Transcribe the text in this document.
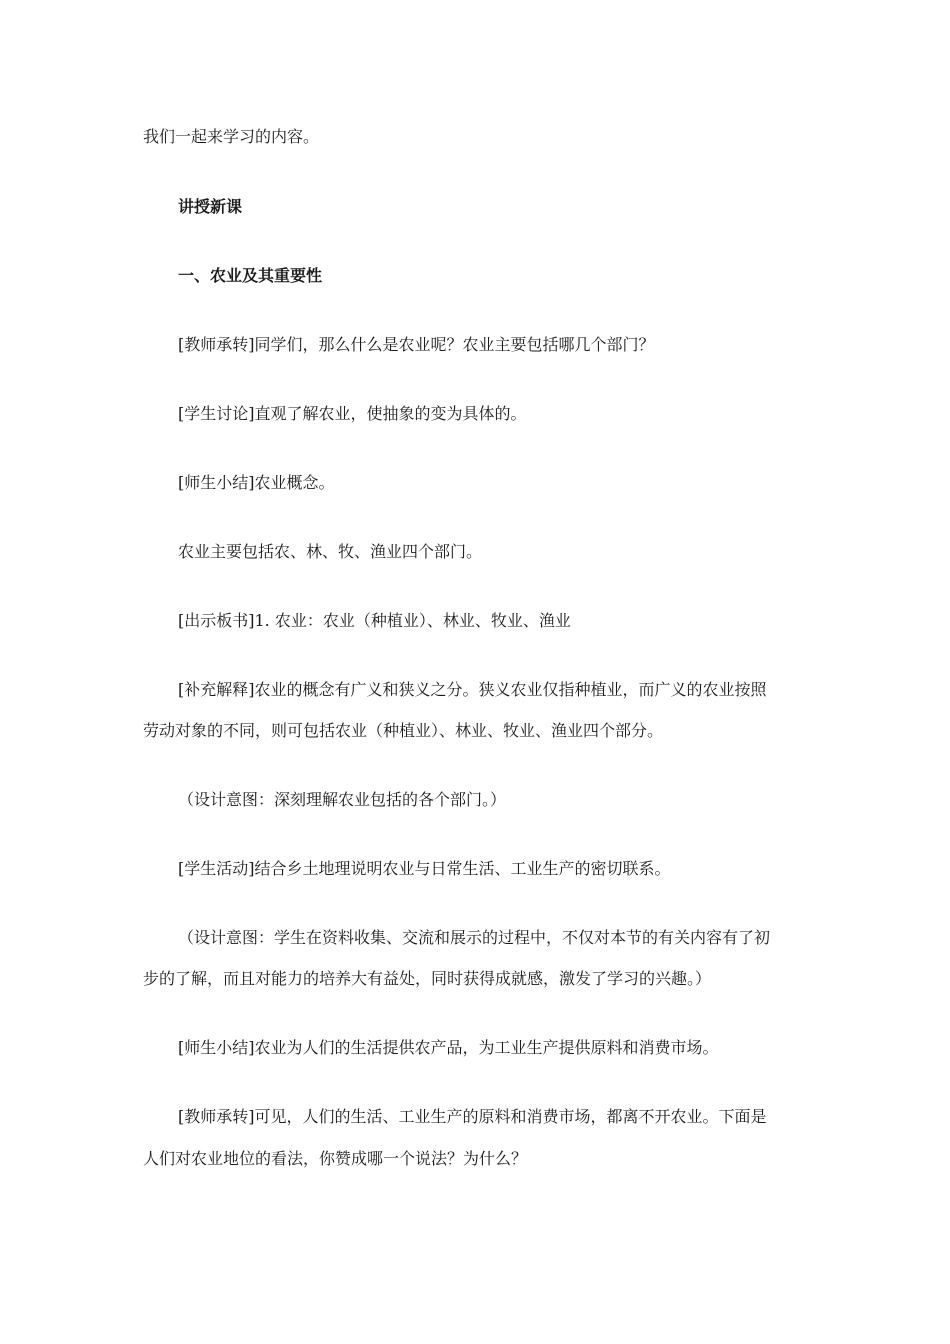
我们一起来学习的内容。
讲授新课
一、农业及其重要性
[教师承转]同学们，那么什么是农业呢？农业主要包括哪几个部门？
[学生讨论]直观了解农业，使抽象的变为具体的。
[师生小结]农业概念。
农业主要包括农、林、牧、渔业四个部门。
[出示板书]1. 农业：农业（种植业）、林业、牧业、渔业
[补充解释]农业的概念有广义和狭义之分。狭义农业仅指种植业，而广义的农业按照
劳动对象的不同，则可包括农业（种植业）、林业、牧业、渔业四个部分。
（设计意图：深刻理解农业包括的各个部门。）
[学生活动]结合乡土地理说明农业与日常生活、工业生产的密切联系。
（设计意图：学生在资料收集、交流和展示的过程中，不仅对本节的有关内容有了初
步的了解，而且对能力的培养大有益处，同时获得成就感，激发了学习的兴趣。）
[师生小结]农业为人们的生活提供农产品，为工业生产提供原料和消费市场。
[教师承转]可见，人们的生活、工业生产的原料和消费市场，都离不开农业。下面是
人们对农业地位的看法，你赞成哪一个说法？为什么？
